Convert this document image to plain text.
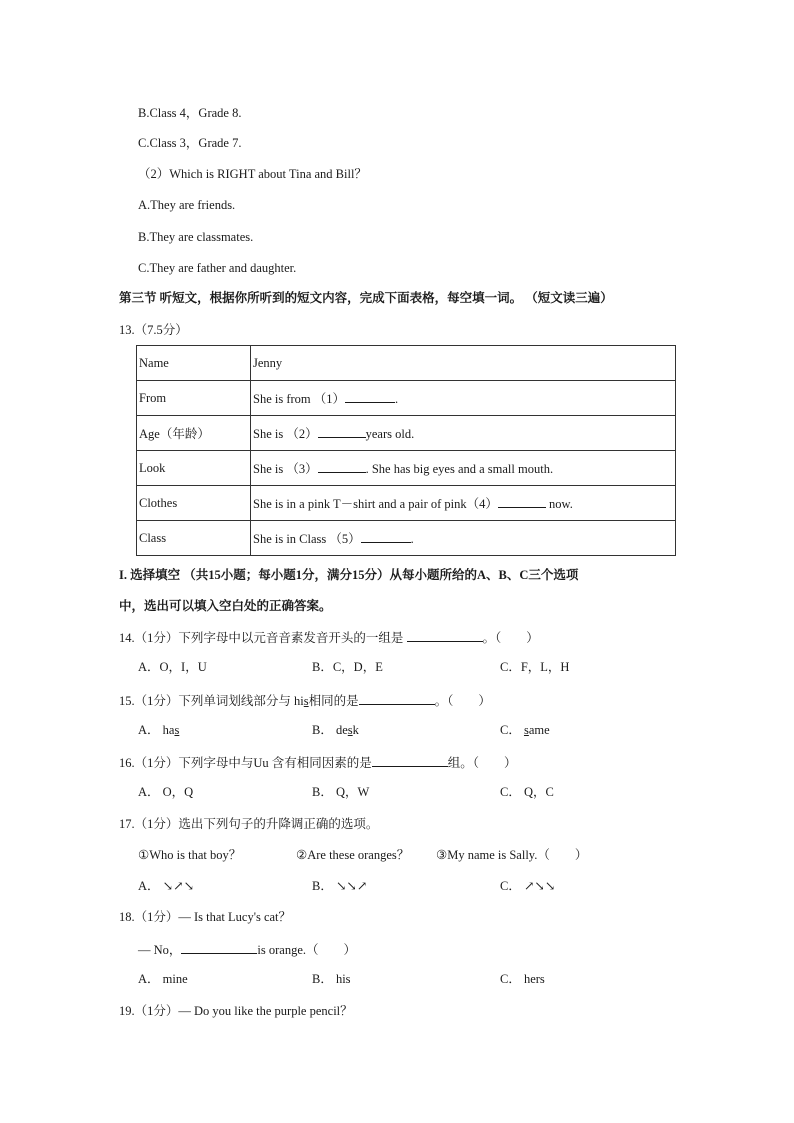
B.Class 4，Grade 8.
C.Class 3，Grade 7.
（2）Which is RIGHT about Tina and Bill？
A.They are friends.
B.They are classmates.
C.They are father and daughter.
第三节 听短文，根据你所听到的短文内容，完成下面表格，每空填一词。 （短文读三遍）
13.（7.5分）
Name	Jenny
From	She is from （1） .
Age（年龄）	She is （2） years old.
Look	She is （3） . She has big eyes and a small mouth.
Clothes	She is in a pink T－shirt and a pair of pink（4） now.
Class	She is in Class （5） .
I. 选择填空 （共15小题；每小题1分，满分15分）从每小题所给的A、B、C三个选项
中，选出可以填入空白处的正确答案。
14.（1分）下列字母中以元音音素发音开头的一组是	。（　　）
A．O，I，U	B．C，D，E	C．F，L，H
15.（1分）下列单词划线部分与 his相同的是	。（　　）
A． has	B． desk	C． same
16.（1分）下列字母中与Uu 含有相同因素的是	组。（　　）
A． O，Q	B． Q，W	C． Q，C
17.（1分）选出下列句子的升降调正确的选项。
①Who is that boy？	②Are these oranges？ ③My name is Sally.（　　）
A． ↘↗↘	B． ↘↘↗	C． ↗↘↘
18.（1分）— Is that Lucy's cat？
— No，	is orange.（　　）
A． mine	B． his	C． hers
19.（1分）— Do you like the purple pencil？
